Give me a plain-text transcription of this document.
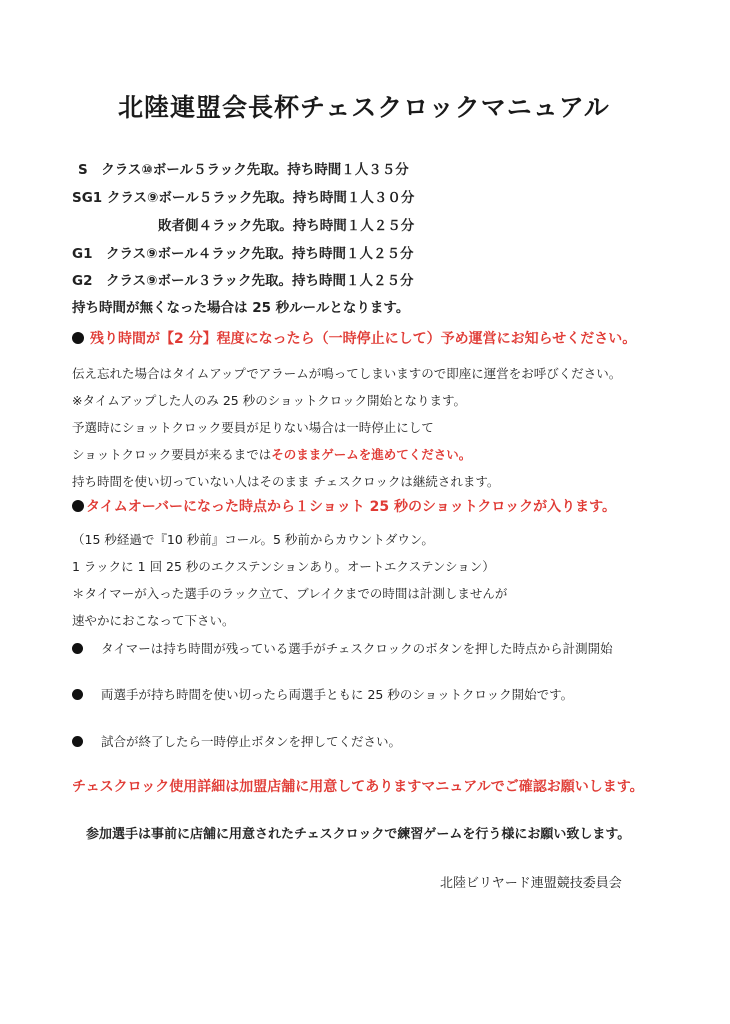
北陸連盟会長杯チェスクロックマニュアル

S　クラス⑩ボール５ラック先取。持ち時間１人３５分

SG1 クラス⑨ボール５ラック先取。持ち時間１人３０分

敗者側４ラック先取。持ち時間１人２５分

G1　クラス⑨ボール４ラック先取。持ち時間１人２５分

G2　クラス⑨ボール３ラック先取。持ち時間１人２５分

持ち時間が無くなった場合は 25 秒ルールとなります。

残り時間が【2 分】程度になったら（一時停止にして）予め運営にお知らせください。

伝え忘れた場合はタイムアップでアラームが鳴ってしまいますので即座に運営をお呼びください。

※タイムアップした人のみ 25 秒のショットクロック開始となります。

予選時にショットクロック要員が足りない場合は一時停止にして

ショットクロック要員が来るまではそのままゲームを進めてください。

持ち時間を使い切っていない人はそのまま チェスクロックは継続されます。

タイムオーバーになった時点から１ショット 25 秒のショットクロックが入ります。

（15 秒経過で『10 秒前』コール。5 秒前からカウントダウン。

1 ラックに 1 回 25 秒のエクステンションあり。オートエクステンション）

＊タイマーが入った選手のラック立て、ブレイクまでの時間は計測しませんが

速やかにおこなって下さい。

タイマーは持ち時間が残っている選手がチェスクロックのボタンを押した時点から計測開始

両選手が持ち時間を使い切ったら両選手ともに 25 秒のショットクロック開始です。

試合が終了したら一時停止ボタンを押してください。

チェスクロック使用詳細は加盟店舗に用意してありますマニュアルでご確認お願いします。

参加選手は事前に店舗に用意されたチェスクロックで練習ゲームを行う様にお願い致します。

北陸ビリヤード連盟競技委員会
